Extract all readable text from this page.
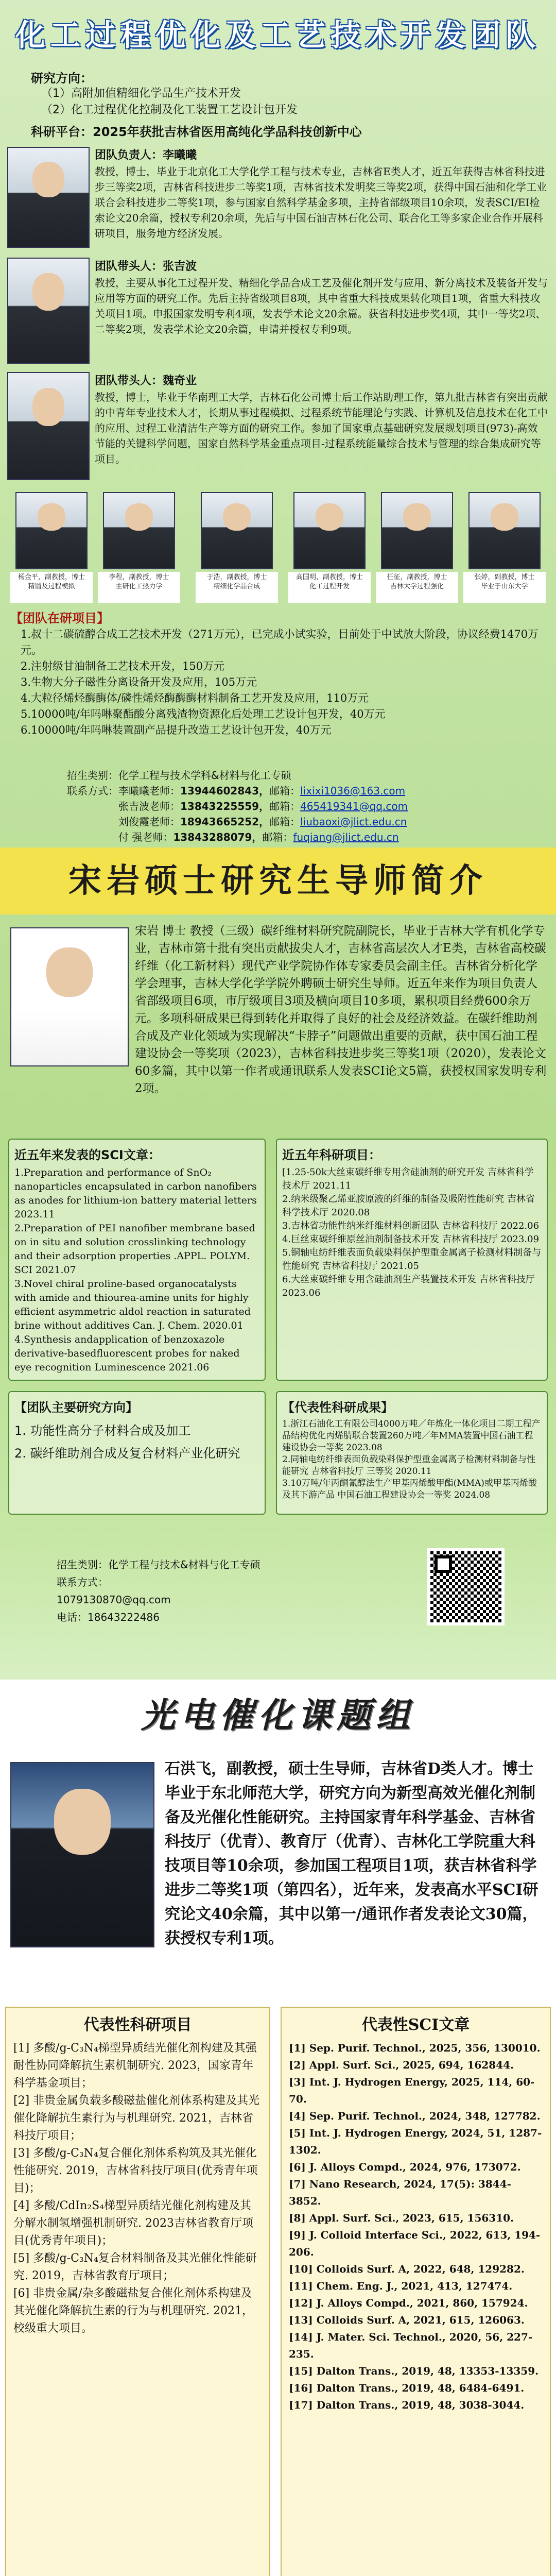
化工过程优化及工艺技术开发团队
研究方向：
（1）高附加值精细化学品生产技术开发
（2）化工过程优化控制及化工装置工艺设计包开发
科研平台：2025年获批吉林省医用高纯化学品科技创新中心
团队负责人：李曦曦
教授，博士，毕业于北京化工大学化学工程与技术专业，吉林省E类人才，近五年获得吉林省科技进步三等奖2项，吉林省科技进步二等奖1项，吉林省技术发明奖三等奖2项，获得中国石油和化学工业联合会科技进步二等奖1项，参与国家自然科学基金多项，主持省部级项目10余项，发表SCI/EI检索论文20余篇，授权专利20余项，先后与中国石油吉林石化公司、联合化工等多家企业合作开展科研项目，服务地方经济发展。
团队带头人：张吉波
教授，主要从事化工过程开发、精细化学品合成工艺及催化剂开发与应用、新分离技术及装备开发与应用等方面的研究工作。先后主持省级项目8项，其中省重大科技成果转化项目1项，省重大科技攻关项目1项。申报国家发明专利4项，发表学术论文20余篇。获省科技进步奖4项，其中一等奖2项、二等奖2项，发表学术论文20余篇，申请并授权专利9项。
团队带头人：魏奇业
教授，博士，毕业于华南理工大学，吉林石化公司博士后工作站助理工作，第九批吉林省有突出贡献的中青年专业技术人才，长期从事过程模拟、过程系统节能理论与实践、计算机及信息技术在化工中的应用、过程工业清洁生产等方面的研究工作。参加了国家重点基础研究发展规划项目(973)-高效节能的关键科学问题，国家自然科学基金重点项目-过程系统能量综合技术与管理的综合集成研究等项目。
杨金平，副教授，博士
精馏及过程模拟
李程，副教授，博士
主研化工热力学
于浩，副教授，博士
精细化学品合成
高国明，副教授，博士
化工过程开发
任征，副教授，博士
吉林大学过程强化
张婷，副教授，博士
毕业于山东大学
【团队在研项目】
1.叔十二碳硫醇合成工艺技术开发（271万元），已完成小试实验，目前处于中试放大阶段，协议经费1470万元。
2.注射级甘油制备工艺技术开发，150万元
3.生物大分子磁性分离设备开发及应用，105万元
4.大粒径烯烃酶酶体/磷性烯烃酶酶酶材料制备工艺开发及应用，110万元
5.10000吨/年吗啉聚酯酸分离残渣物资源化后处理工艺设计包开发，40万元
6.10000吨/年吗啉装置副产品提升改造工艺设计包开发，40万元
招生类别：化学工程与技术学科&材料与化工专硕
联系方式：李曦曦老师：13944602843，邮箱：lixixi1036@163.com
张吉波老师：13843225559，邮箱：465419341@qq.com
刘俊霞老师：18943665252，邮箱：liubaoxi@jlict.edu.cn
付 强老师：13843288079，邮箱：fuqiang@jlict.edu.cn
宋岩硕士研究生导师简介
宋岩 博士 教授（三级）碳纤维材料研究院副院长，毕业于吉林大学有机化学专业，吉林市第十批有突出贡献拔尖人才，吉林省高层次人才E类，吉林省高校碳纤维（化工新材料）现代产业学院协作体专家委员会副主任。吉林省分析化学学会理事，吉林大学化学学院外聘硕士研究生导师。近五年来作为项目负责人省部级项目6项，市厅级项目3项及横向项目10多项，累积项目经费600余万元。多项科研成果已得到转化并取得了良好的社会及经济效益。在碳纤维助剂合成及产业化领域为实现解决“卡脖子”问题做出重要的贡献，获中国石油工程建设协会一等奖项（2023），吉林省科技进步奖三等奖1项（2020），发表论文60多篇，其中以第一作者或通讯联系人发表SCI论文5篇，获授权国家发明专利2项。
近五年来发表的SCI文章：
1.Preparation and performance of SnO₂ nanoparticles encapsulated in carbon nanofibers as anodes for lithium-ion battery material letters 2023.11
2.Preparation of PEI nanofiber membrane based on in situ and solution crosslinking technology and their adsorption properties .APPL. POLYM. SCI 2021.07
3.Novel chiral proline-based organocatalysts with amide and thiourea-amine units for highly efficient asymmetric aldol reaction in saturated brine without additives Can. J. Chem. 2020.01
4.Synthesis andapplication of benzoxazole derivative-basedfluorescent probes for naked eye recognition Luminescence 2021.06
近五年科研项目：
[1.25-50k大丝束碳纤维专用含硅油剂的研究开发 吉林省科学技术厅 2021.11
2.纳米级聚乙烯亚胺原液的纤维的制备及吸附性能研究 吉林省科学技术厅 2020.08
3.吉林省功能性纳米纤维材料创新团队 吉林省科技厅 2022.06
4.巨丝束碳纤维原丝油剂制备技术开发 吉林省科技厅 2023.09
5.铜轴电纺纤维表面负载染料保护型重金属离子检测材料制备与性能研究 吉林省科技厅 2021.05
6.大丝束碳纤维专用含硅油剂生产装置技术开发 吉林省科技厅 2023.06
【团队主要研究方向】
1. 功能性高分子材料合成及加工
2. 碳纤维助剂合成及复合材料产业化研究
【代表性科研成果】
1.浙江石油化工有限公司4000万吨／年炼化一体化项目二期工程产品结构优化丙烯腈联合装置260万吨／年MMA装置中国石油工程建设协会一等奖 2023.08
2.同轴电纺纤维表面负载染料保护型重金属离子检测材料制备与性能研究 吉林省科技厅 三等奖 2020.11
3.10万吨/年丙酮氰醇法生产甲基丙烯酸甲酯(MMA)或甲基丙烯酸及其下游产品 中国石油工程建设协会一等奖 2024.08
招生类别：化学工程与技术&材料与化工专硕
联系方式：
1079130870@qq.com
电话：18643222486
光电催化课题组
石洪飞，副教授，硕士生导师，吉林省D类人才。博士毕业于东北师范大学，研究方向为新型高效光催化剂制备及光催化性能研究。主持国家青年科学基金、吉林省科技厅（优青）、教育厅（优青）、吉林化工学院重大科技项目等10余项，参加国工程项目1项，获吉林省科学进步二等奖1项（第四名），近年来，发表高水平SCI研究论文40余篇，其中以第一/通讯作者发表论文30篇，获授权专利1项。
代表性科研项目
[1] 多酸/g-C₃N₄梯型异质结光催化剂构建及其强耐性协同降解抗生素机制研究. 2023，国家青年科学基金项目；
[2] 非贵金属负载多酸磁盐催化剂体系构建及其光催化降解抗生素行为与机理研究. 2021，吉林省科技厅项目；
[3] 多酸/g-C₃N₄复合催化剂体系构筑及其光催化性能研究. 2019，吉林省科技厅项目(优秀青年项目)；
[4] 多酸/CdIn₂S₄梯型异质结光催化剂构建及其分解水制氢增强机制研究. 2023吉林省教育厅项目(优秀青年项目)；
[5] 多酸/g-C₃N₄复合材料制备及其光催化性能研究. 2019，吉林省教育厅项目；
[6] 非贵金属/杂多酸磁盐复合催化剂体系构建及其光催化降解抗生素的行为与机理研究. 2021，校级重大项目。
代表性SCI文章
[1] Sep. Purif. Technol., 2025, 356, 130010.
[2] Appl. Surf. Sci., 2025, 694, 162844.
[3] Int. J. Hydrogen Energy, 2025, 114, 60-70.
[4] Sep. Purif. Technol., 2024, 348, 127782.
[5] Int. J. Hydrogen Energy, 2024, 51, 1287-1302.
[6] J. Alloys Compd., 2024, 976, 173072.
[7] Nano Research, 2024, 17(5): 3844-3852.
[8] Appl. Surf. Sci., 2023, 615, 156310.
[9] J. Colloid Interface Sci., 2022, 613, 194-206.
[10] Colloids Surf. A, 2022, 648, 129282.
[11] Chem. Eng. J., 2021, 413, 127474.
[12] J. Alloys Compd., 2021, 860, 157924.
[13] Colloids Surf. A, 2021, 615, 126063.
[14] J. Mater. Sci. Technol., 2020, 56, 227-235.
[15] Dalton Trans., 2019, 48, 13353-13359.
[16] Dalton Trans., 2019, 48, 6484-6491.
[17] Dalton Trans., 2019, 48, 3038-3044.
